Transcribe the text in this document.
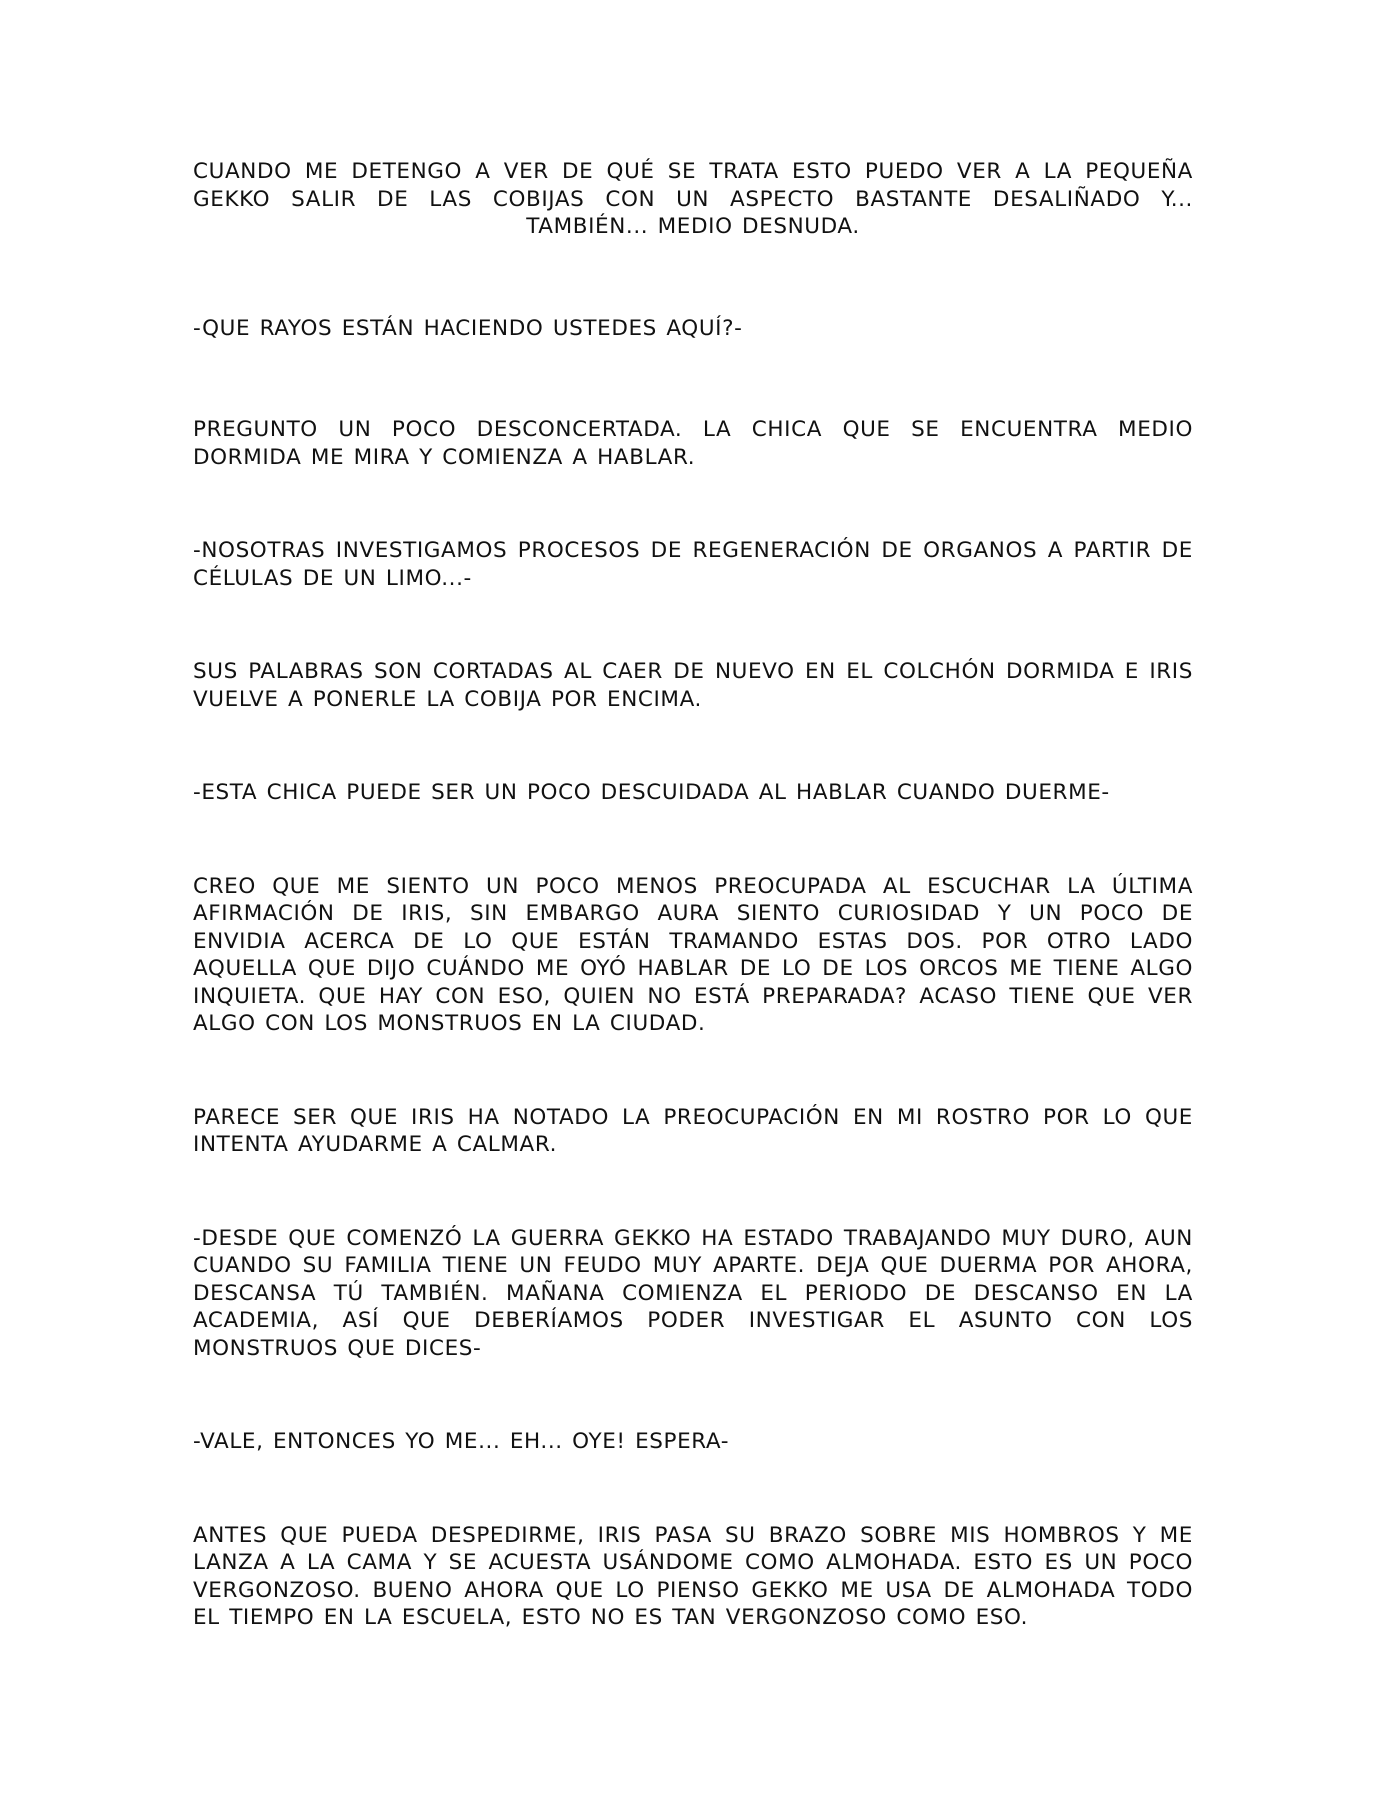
CUANDO ME DETENGO A VER DE QUÉ SE TRATA ESTO PUEDO VER A LA PEQUEÑA GEKKO SALIR DE LAS COBIJAS CON UN ASPECTO BASTANTE DESALIÑADO Y... TAMBIÉN... MEDIO DESNUDA.

-QUE RAYOS ESTÁN HACIENDO USTEDES AQUÍ?-

PREGUNTO UN POCO DESCONCERTADA. LA CHICA QUE SE ENCUENTRA MEDIO DORMIDA ME MIRA Y COMIENZA A HABLAR.

-NOSOTRAS INVESTIGAMOS PROCESOS DE REGENERACIÓN DE ORGANOS A PARTIR DE CÉLULAS DE UN LIMO...-

SUS PALABRAS SON CORTADAS AL CAER DE NUEVO EN EL COLCHÓN DORMIDA E IRIS VUELVE A PONERLE LA COBIJA POR ENCIMA.

-ESTA CHICA PUEDE SER UN POCO DESCUIDADA AL HABLAR CUANDO DUERME-

CREO QUE ME SIENTO UN POCO MENOS PREOCUPADA AL ESCUCHAR LA ÚLTIMA AFIRMACIÓN DE IRIS, SIN EMBARGO AURA SIENTO CURIOSIDAD Y UN POCO DE ENVIDIA ACERCA DE LO QUE ESTÁN TRAMANDO ESTAS DOS. POR OTRO LADO AQUELLA QUE DIJO CUÁNDO ME OYÓ HABLAR DE LO DE LOS ORCOS ME TIENE ALGO INQUIETA. QUE HAY CON ESO, QUIEN NO ESTÁ PREPARADA? ACASO TIENE QUE VER ALGO CON LOS MONSTRUOS EN LA CIUDAD.

PARECE SER QUE IRIS HA NOTADO LA PREOCUPACIÓN EN MI ROSTRO POR LO QUE INTENTA AYUDARME A CALMAR.

-DESDE QUE COMENZÓ LA GUERRA GEKKO HA ESTADO TRABAJANDO MUY DURO, AUN CUANDO SU FAMILIA TIENE UN FEUDO MUY APARTE. DEJA QUE DUERMA POR AHORA, DESCANSA TÚ TAMBIÉN. MAÑANA COMIENZA EL PERIODO DE DESCANSO EN LA ACADEMIA, ASÍ QUE DEBERÍAMOS PODER INVESTIGAR EL ASUNTO CON LOS MONSTRUOS QUE DICES-

-VALE, ENTONCES YO ME... EH... OYE! ESPERA-

ANTES QUE PUEDA DESPEDIRME, IRIS PASA SU BRAZO SOBRE MIS HOMBROS Y ME LANZA A LA CAMA Y SE ACUESTA USÁNDOME COMO ALMOHADA. ESTO ES UN POCO VERGONZOSO. BUENO AHORA QUE LO PIENSO GEKKO ME USA DE ALMOHADA TODO EL TIEMPO EN LA ESCUELA, ESTO NO ES TAN VERGONZOSO COMO ESO.
